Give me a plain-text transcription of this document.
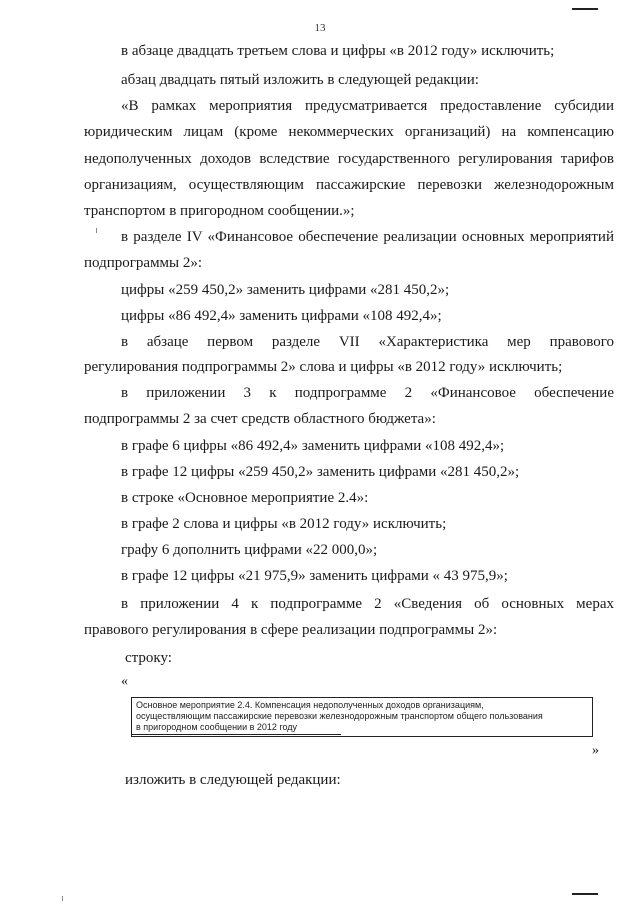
13
в абзаце двадцать третьем слова и цифры «в 2012 году» исключить;
абзац двадцать пятый изложить в следующей редакции:
«В рамках мероприятия предусматривается предоставление субсидии
юридическим лицам (кроме некоммерческих организаций) на компенсацию
недополученных доходов вследствие государственного регулирования тарифов
организациям, осуществляющим пассажирские перевозки железнодорожным
транспортом в пригородном сообщении.»;
в разделе IV «Финансовое обеспечение реализации основных мероприятий
подпрограммы 2»:
цифры «259 450,2» заменить цифрами «281 450,2»;
цифры «86 492,4» заменить цифрами «108 492,4»;
в абзаце первом разделе VII «Характеристика мер правового
регулирования подпрограммы 2» слова и цифры «в 2012 году» исключить;
в приложении 3 к подпрограмме 2 «Финансовое обеспечение
подпрограммы 2 за счет средств областного бюджета»:
в графе 6 цифры «86 492,4» заменить цифрами «108 492,4»;
в графе 12 цифры «259 450,2» заменить цифрами «281 450,2»;
в строке «Основное мероприятие 2.4»:
в графе 2 слова и цифры «в 2012 году» исключить;
графу 6 дополнить цифрами «22 000,0»;
в графе 12 цифры «21 975,9» заменить цифрами « 43 975,9»;
в приложении 4 к подпрограмме 2 «Сведения об основных мерах
правового регулирования в сфере реализации подпрограммы 2»:
строку:
«
Основное мероприятие 2.4. Компенсация недополученных доходов организациям,
осуществляющим пассажирские перевозки железнодорожным транспортом общего пользования
в пригородном сообщении в 2012 году
»
изложить в следующей редакции:
